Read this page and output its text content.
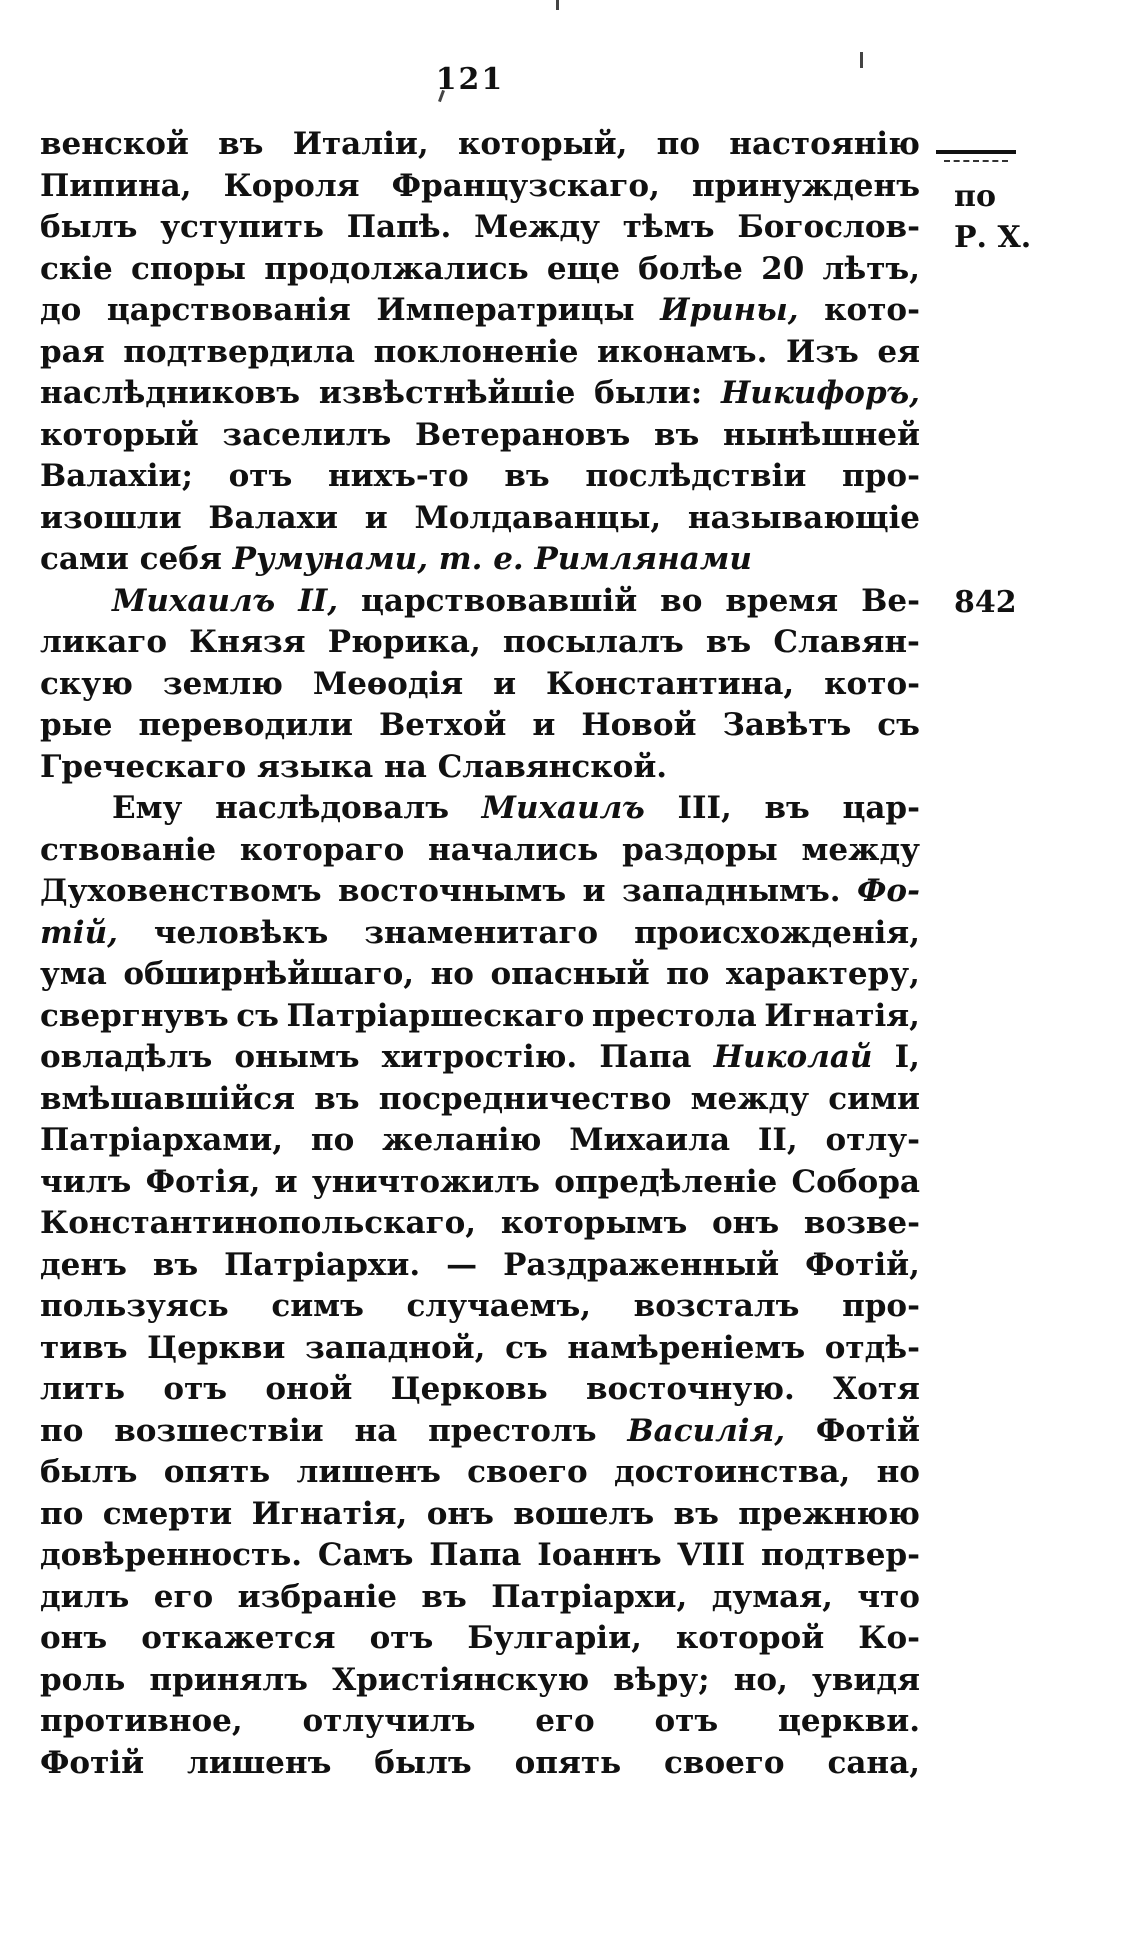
121
по
Р. Х.
842
венской въ Италіи, который, по настоянію
Пипина, Короля Французскаго, принужденъ
былъ уступить Папѣ. Между тѣмъ Богослов-
скіе споры продолжались еще болѣе 20 лѣтъ,
до царствованія Императрицы Ирины, кото-
рая подтвердила поклоненіе иконамъ. Изъ ея
наслѣдниковъ извѣстнѣйшіе были: Никифоръ,
который заселилъ Ветерановъ въ нынѣшней
Валахіи; отъ нихъ-то въ послѣдствіи про-
изошли Валахи и Молдаванцы, называющіе
сами себя Румунами, т. е. Римлянами
Михаилъ II, царствовавшій во время Ве-
ликаго Князя Рюрика, посылалъ въ Славян-
скую землю Меѳодія и Константина, кото-
рые переводили Ветхой и Новой Завѣтъ съ
Греческаго языка на Славянской.
Ему наслѣдовалъ Михаилъ III, въ цар-
ствованіе котораго начались раздоры между
Духовенствомъ восточнымъ и западнымъ. Фо-
тій, человѣкъ знаменитаго происхожденія,
ума обширнѣйшаго, но опасный по характеру,
свергнувъ съ Патріаршескаго престола Игнатія,
овладѣлъ онымъ хитростію. Папа Николай I,
вмѣшавшійся въ посредничество между сими
Патріархами, по желанію Михаила II, отлу-
чилъ Фотія, и уничтожилъ опредѣленіе Собора
Константинопольскаго, которымъ онъ возве-
денъ въ Патріархи. — Раздраженный Фотій,
пользуясь симъ случаемъ, возсталъ про-
тивъ Церкви западной, съ намѣреніемъ отдѣ-
лить отъ оной Церковь восточную. Хотя
по возшествіи на престолъ Василія, Фотій
былъ опять лишенъ своего достоинства, но
по смерти Игнатія, онъ вошелъ въ прежнюю
довѣренность. Самъ Папа Іоаннъ VIII подтвер-
дилъ его избраніе въ Патріархи, думая, что
онъ откажется отъ Булгаріи, которой Ко-
роль принялъ Христіянскую вѣру; но, увидя
противное, отлучилъ его отъ церкви.
Фотій лишенъ былъ опять своего сана,
